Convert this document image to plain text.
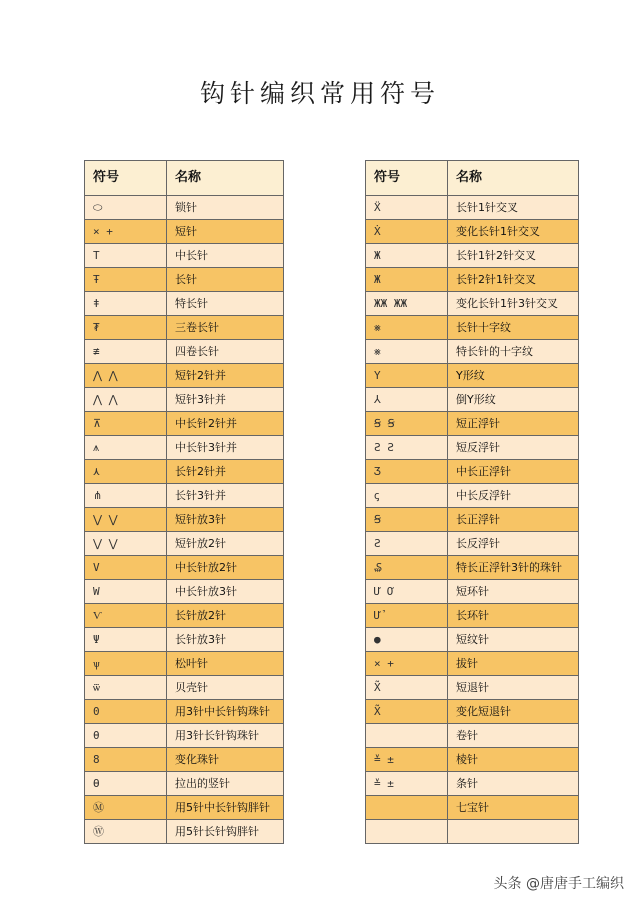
钩针编织常用符号
符号	名称
⬭	锁针
× +	短针
T	中长针
Ŧ	长针
ǂ	特长针
₮	三卷长针
≢	四卷长针
⋀ ⋀	短针2针并
⋀ ⋀	短针3针并
⊼	中长针2针并
⩚	中长针3针并
⋏	长针2针并
⋔	长针3针并
⋁ ⋁	短针放3针
⋁ ⋁	短针放2针
V	中长针放2针
W	中长针放3针
Ѵ	长针放2针
Ψ	长针放3针
ѱ	松叶针
ѿ	贝壳针
0	用3针中长针钩珠针
θ	用3针长针钩珠针
8	变化珠针
Ѳ	拉出的竖针
Ⓜ	用5针中长针钩胖针
Ⓦ	用5针长针钩胖针
符号	名称
Ẍ	长针1针交叉
Ẋ	变化长针1针交叉
Ж	长针1针2针交叉
Ж	长针2针1针交叉
ЖЖ ЖЖ	变化长针1针3针交叉
⨳	长针十字纹
⨳	特长针的十字纹
Y	Y形纹
⅄	倒Y形纹
Ꞩ Ꞩ	短正浮针
Ƨ Ƨ	短反浮针
Ʒ	中长正浮针
ꞔ	中长反浮针
Ꞩ	长正浮针
Ƨ	长反浮针
₷	特长正浮针3针的珠针
Ư Ơ	短环针
Ử	长环针
●	短纹针
× +	拔针
X̃	短退针
X̃	变化短退针
	卷针
≚ ±	棱针
≚ ±	条针
	七宝针

头条 @唐唐手工编织
